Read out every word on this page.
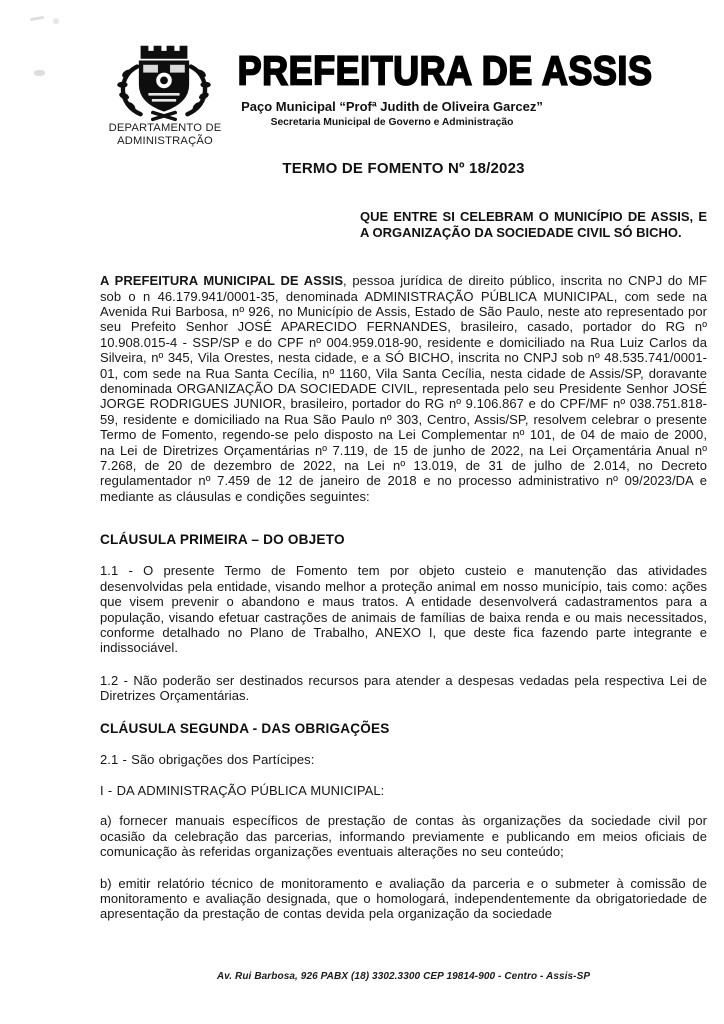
DEPARTAMENTO DE ADMINISTRAÇÃO
PREFEITURA DE ASSIS
Paço Municipal “Profª Judith de Oliveira Garcez”
Secretaria Municipal de Governo e Administração
TERMO DE FOMENTO Nº 18/2023
QUE ENTRE SI CELEBRAM O MUNICÍPIO DE ASSIS, E A ORGANIZAÇÃO DA SOCIEDADE CIVIL SÓ BICHO.

A PREFEITURA MUNICIPAL DE ASSIS, pessoa jurídica de direito público, inscrita no CNPJ do MF sob o n 46.179.941/0001-35, denominada ADMINISTRAÇÃO PÚBLICA MUNICIPAL, com sede na Avenida Rui Barbosa, nº 926, no Município de Assis, Estado de São Paulo, neste ato representado por seu Prefeito Senhor JOSÉ APARECIDO FERNANDES, brasileiro, casado, portador do RG nº 10.908.015-4 - SSP/SP e do CPF nº 004.959.018-90, residente e domiciliado na Rua Luiz Carlos da Silveira, nº 345, Vila Orestes, nesta cidade, e a SÓ BICHO, inscrita no CNPJ sob nº 48.535.741/0001-01, com sede na Rua Santa Cecília, nº 1160, Vila Santa Cecília, nesta cidade de Assis/SP, doravante denominada ORGANIZAÇÃO DA SOCIEDADE CIVIL, representada pelo seu Presidente Senhor JOSÉ JORGE RODRIGUES JUNIOR, brasileiro, portador do RG nº 9.106.867 e do CPF/MF nº 038.751.818-59, residente e domiciliado na Rua São Paulo nº 303, Centro, Assis/SP, resolvem celebrar o presente Termo de Fomento, regendo-se pelo disposto na Lei Complementar nº 101, de 04 de maio de 2000, na Lei de Diretrizes Orçamentárias nº 7.119, de 15 de junho de 2022, na Lei Orçamentária Anual nº 7.268, de 20 de dezembro de 2022, na Lei nº 13.019, de 31 de julho de 2.014, no Decreto regulamentador nº 7.459 de 12 de janeiro de 2018 e no processo administrativo nº 09/2023/DA e mediante as cláusulas e condições seguintes:

CLÁUSULA PRIMEIRA – DO OBJETO

1.1 - O presente Termo de Fomento tem por objeto custeio e manutenção das atividades desenvolvidas pela entidade, visando melhor a proteção animal em nosso município, tais como: ações que visem prevenir o abandono e maus tratos. A entidade desenvolverá cadastramentos para a população, visando efetuar castrações de animais de famílias de baixa renda e ou mais necessitados, conforme detalhado no Plano de Trabalho, ANEXO I, que deste fica fazendo parte integrante e indissociável.

1.2 - Não poderão ser destinados recursos para atender a despesas vedadas pela respectiva Lei de Diretrizes Orçamentárias.

CLÁUSULA SEGUNDA - DAS OBRIGAÇÕES

2.1 - São obrigações dos Partícipes:

I - DA ADMINISTRAÇÃO PÚBLICA MUNICIPAL:

a) fornecer manuais específicos de prestação de contas às organizações da sociedade civil por ocasião da celebração das parcerias, informando previamente e publicando em meios oficiais de comunicação às referidas organizações eventuais alterações no seu conteúdo;

b) emitir relatório técnico de monitoramento e avaliação da parceria e o submeter à comissão de monitoramento e avaliação designada, que o homologará, independentemente da obrigatoriedade de apresentação da prestação de contas devida pela organização da sociedade

Av. Rui Barbosa, 926 PABX (18) 3302.3300 CEP 19814-900 - Centro - Assis-SP
